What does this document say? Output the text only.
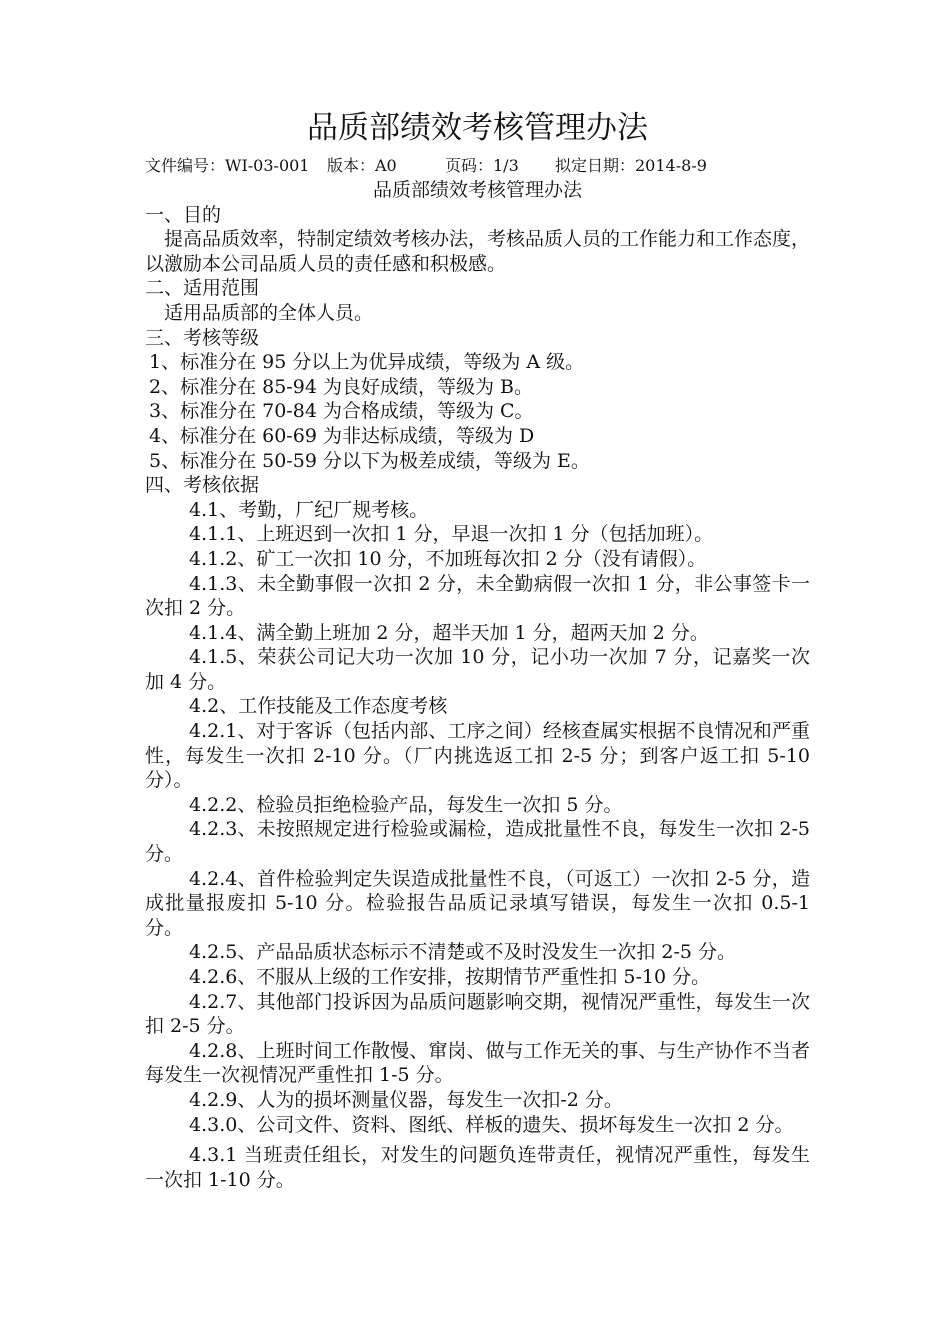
品质部绩效考核管理办法
文件编号：WI-03-001 版本：A0	页码：1/3 拟定日期：2014-8-9

品质部绩效考核管理办法

一、目的

提高品质效率，特制定绩效考核办法，考核品质人员的工作能力和工作态度，以激励本公司品质人员的责任感和积极感。

二、适用范围

适用品质部的全体人员。

三、考核等级

1、标准分在 95 分以上为优异成绩，等级为 A 级。

2、标准分在 85-94 为良好成绩，等级为 B。

3、标准分在 70-84 为合格成绩，等级为 C。

4、标准分在 60-69 为非达标成绩，等级为 D

5、标准分在 50-59 分以下为极差成绩，等级为 E。

四、考核依据

4.1、考勤，厂纪厂规考核。

4.1.1、上班迟到一次扣 1 分，早退一次扣 1 分（包括加班）。

4.1.2、矿工一次扣 10 分，不加班每次扣 2 分（没有请假）。

4.1.3、未全勤事假一次扣 2 分，未全勤病假一次扣 1 分，非公事签卡一次扣 2 分。

4.1.4、满全勤上班加 2 分，超半天加 1 分，超两天加 2 分。

4.1.5、荣获公司记大功一次加 10 分，记小功一次加 7 分，记嘉奖一次加 4 分。

4.2、工作技能及工作态度考核

4.2.1、对于客诉（包括内部、工序之间）经核查属实根据不良情况和严重性，每发生一次扣 2-10 分。（厂内挑选返工扣 2-5 分；到客户返工扣 5-10 分）。

4.2.2、检验员拒绝检验产品，每发生一次扣 5 分。

4.2.3、未按照规定进行检验或漏检，造成批量性不良，每发生一次扣 2-5 分。

4.2.4、首件检验判定失误造成批量性不良，（可返工）一次扣 2-5 分，造成批量报废扣 5-10 分。检验报告品质记录填写错误，每发生一次扣 0.5-1 分。

4.2.5、产品品质状态标示不清楚或不及时没发生一次扣 2-5 分。

4.2.6、不服从上级的工作安排，按期情节严重性扣 5-10 分。

4.2.7、其他部门投诉因为品质问题影响交期，视情况严重性，每发生一次扣 2-5 分。

4.2.8、上班时间工作散慢、窜岗、做与工作无关的事、与生产协作不当者每发生一次视情况严重性扣 1-5 分。

4.2.9、人为的损坏测量仪器，每发生一次扣-2 分。

4.3.0、公司文件、资料、图纸、样板的遗失、损坏每发生一次扣 2 分。

4.3.1 当班责任组长，对发生的问题负连带责任，视情况严重性，每发生一次扣 1-10 分。
